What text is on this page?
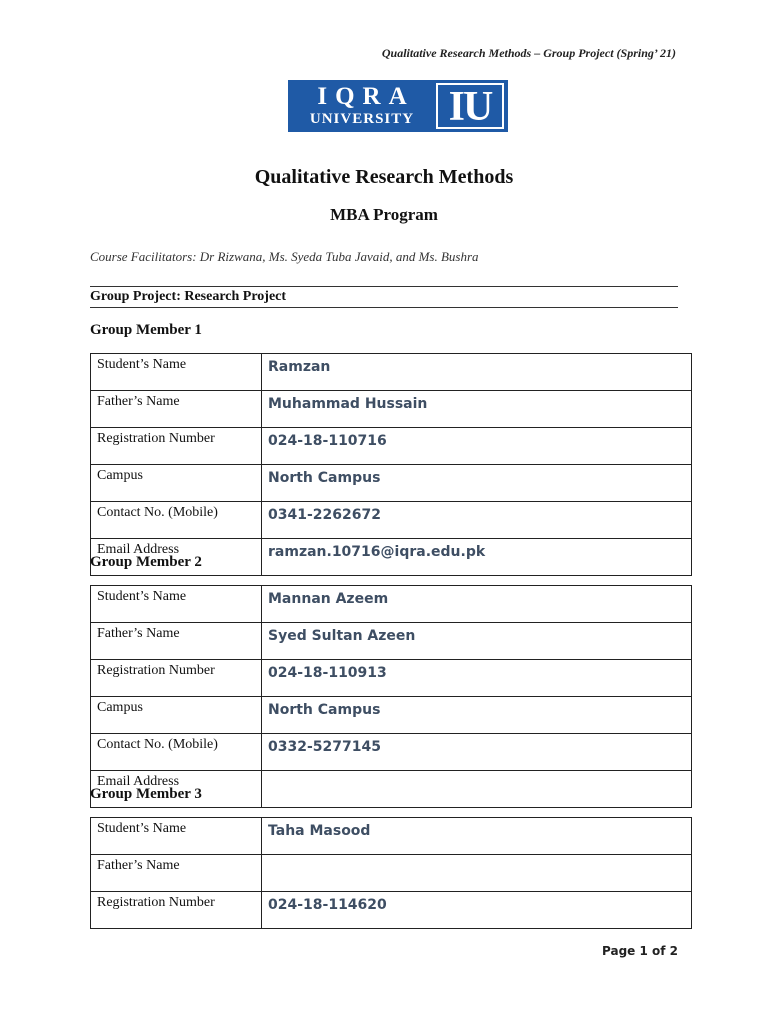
Qualitative Research Methods – Group Project (Spring’ 21)
IQRA
UNIVERSITY IU
Qualitative Research Methods
MBA Program
Course Facilitators: Dr Rizwana, Ms. Syeda Tuba Javaid, and Ms. Bushra
Group Project: Research Project
Group Member 1
Student’s Name	Ramzan
Father’s Name	Muhammad Hussain
Registration Number	024-18-110716
Campus	North Campus
Contact No. (Mobile)	0341-2262672
Email Address	ramzan.10716@iqra.edu.pk
Group Member 2
Student’s Name	Mannan Azeem
Father’s Name	Syed Sultan Azeen
Registration Number	024-18-110913
Campus	North Campus
Contact No. (Mobile)	0332-5277145
Email Address	
Group Member 3
Student’s Name	Taha Masood
Father’s Name	
Registration Number	024-18-114620
Page 1 of 2
